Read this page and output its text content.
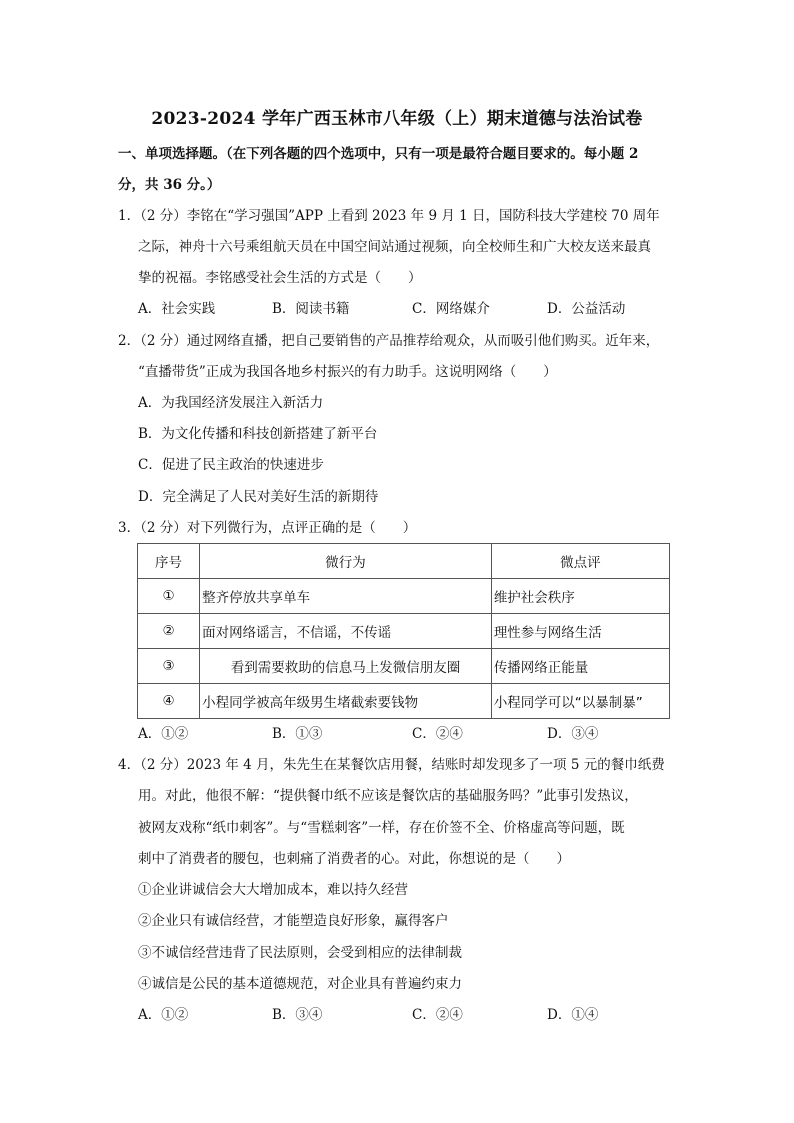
2023-2024 学年广西玉林市八年级（上）期末道德与法治试卷
一、单项选择题。（在下列各题的四个选项中，只有一项是最符合题目要求的。每小题 2
分，共 36 分。）
1．（2 分）李铭在“学习强国”APP 上看到 2023 年 9 月 1 日，国防科技大学建校 70 周年
之际，神舟十六号乘组航天员在中国空间站通过视频，向全校师生和广大校友送来最真
挚的祝福。李铭感受社会生活的方式是（　　）
A．社会实践	B．阅读书籍	C．网络媒介	D．公益活动
2．（2 分）通过网络直播，把自己要销售的产品推荐给观众，从而吸引他们购买。近年来，
“直播带货”正成为我国各地乡村振兴的有力助手。这说明网络（　　）
A．为我国经济发展注入新活力
B．为文化传播和科技创新搭建了新平台
C．促进了民主政治的快速进步
D．完全满足了人民对美好生活的新期待
3．（2 分）对下列微行为，点评正确的是（　　）
序号	微行为	微点评
①	整齐停放共享单车	维护社会秩序
②	面对网络谣言，不信谣，不传谣	理性参与网络生活
③	看到需要救助的信息马上发微信朋友圈	传播网络正能量
④	小程同学被高年级男生堵截索要钱物	小程同学可以“以暴制暴”
A．①②	B．①③	C．②④	D．③④
4．（2 分）2023 年 4 月，朱先生在某餐饮店用餐，结账时却发现多了一项 5 元的餐巾纸费
用。对此，他很不解：“提供餐巾纸不应该是餐饮店的基础服务吗？”此事引发热议，
被网友戏称“纸巾刺客”。与“雪糕刺客”一样，存在价签不全、价格虚高等问题，既
刺中了消费者的腰包，也刺痛了消费者的心。对此，你想说的是（　　）
①企业讲诚信会大大增加成本，难以持久经营
②企业只有诚信经营，才能塑造良好形象，赢得客户
③不诚信经营违背了民法原则，会受到相应的法律制裁
④诚信是公民的基本道德规范，对企业具有普遍约束力
A．①②	B．③④	C．②④	D．①④
